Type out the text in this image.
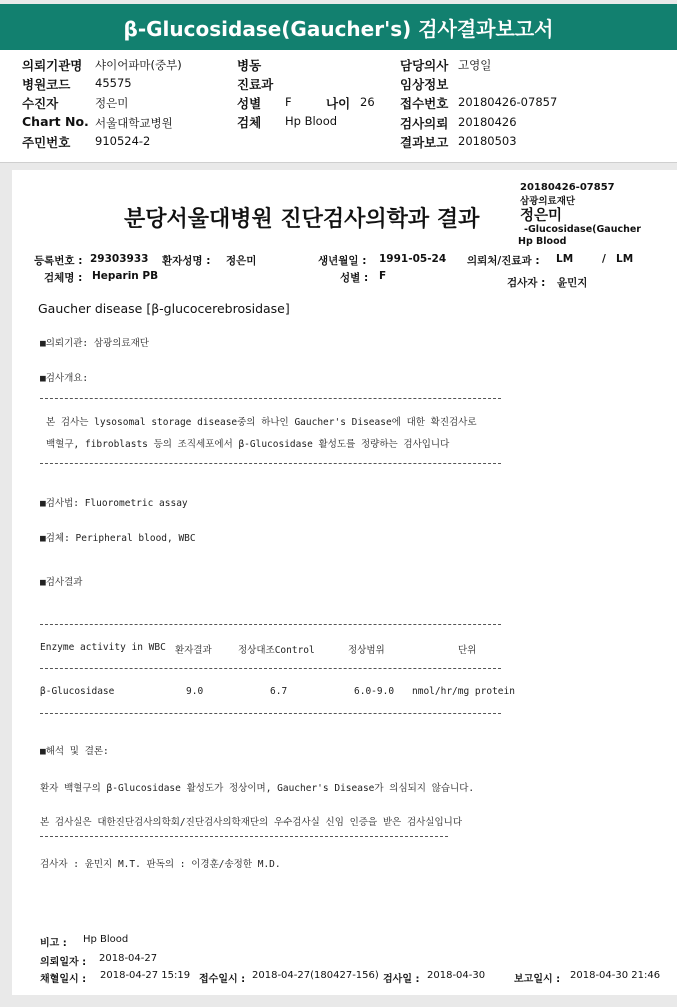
β-Glucosidase(Gaucher's) 검사결과보고서
의뢰기관명 샤이어파마(중부)
병원코드 45575
수진자	정은미
Chart No. 서울대학교병원
주민번호 910524-2
병동
진료과
성별 F	나이 26
검체 Hp Blood
담당의사 고영일
임상정보
접수번호 20180426-07857
검사의뢰 20180426
결과보고 20180503
20180426-07857
삼광의료재단
정은미
-Glucosidase(Gaucher
Hp Blood
분당서울대병원 진단검사의학과 결과
등록번호 : 29303933 환자성명 : 정은미	생년월일 : 1991-05-24 의뢰처/진료과 : LM	/ LM
검체명 : Heparin PB	성별 : F
검사자 : 윤민지
Gaucher disease [β-glucocerebrosidase]
■의뢰기관: 삼광의료재단
■검사개요:
본 검사는 lysosomal storage disease중의 하나인 Gaucher's Disease에 대한 확진검사로
백혈구, fibroblasts 등의 조직세포에서 β-Glucosidase 활성도를 정량하는 검사입니다
■검사법: Fluorometric assay
■검체: Peripheral blood, WBC
■검사결과
Enzyme activity in WBC 환자결과	정상대조Control	정상범위	단위
β-Glucosidase	9.0	6.7	6.0-9.0 nmol/hr/mg protein
■해석 및 결론:
환자 백혈구의 β-Glucosidase 활성도가 정상이며, Gaucher's Disease가 의심되지 않습니다.
본 검사실은 대한진단검사의학회/진단검사의학재단의 우수검사실 신임 인증을 받은 검사실입니다
검사자 : 윤민지 M.T. 판독의 : 이경훈/송정한 M.D.
비고 : Hp Blood
의뢰일자 : 2018-04-27
채혈일시 : 2018-04-27 15:19 접수일시 : 2018-04-27(180427-156) 검사일 : 2018-04-30	보고일시 : 2018-04-30 21:46
